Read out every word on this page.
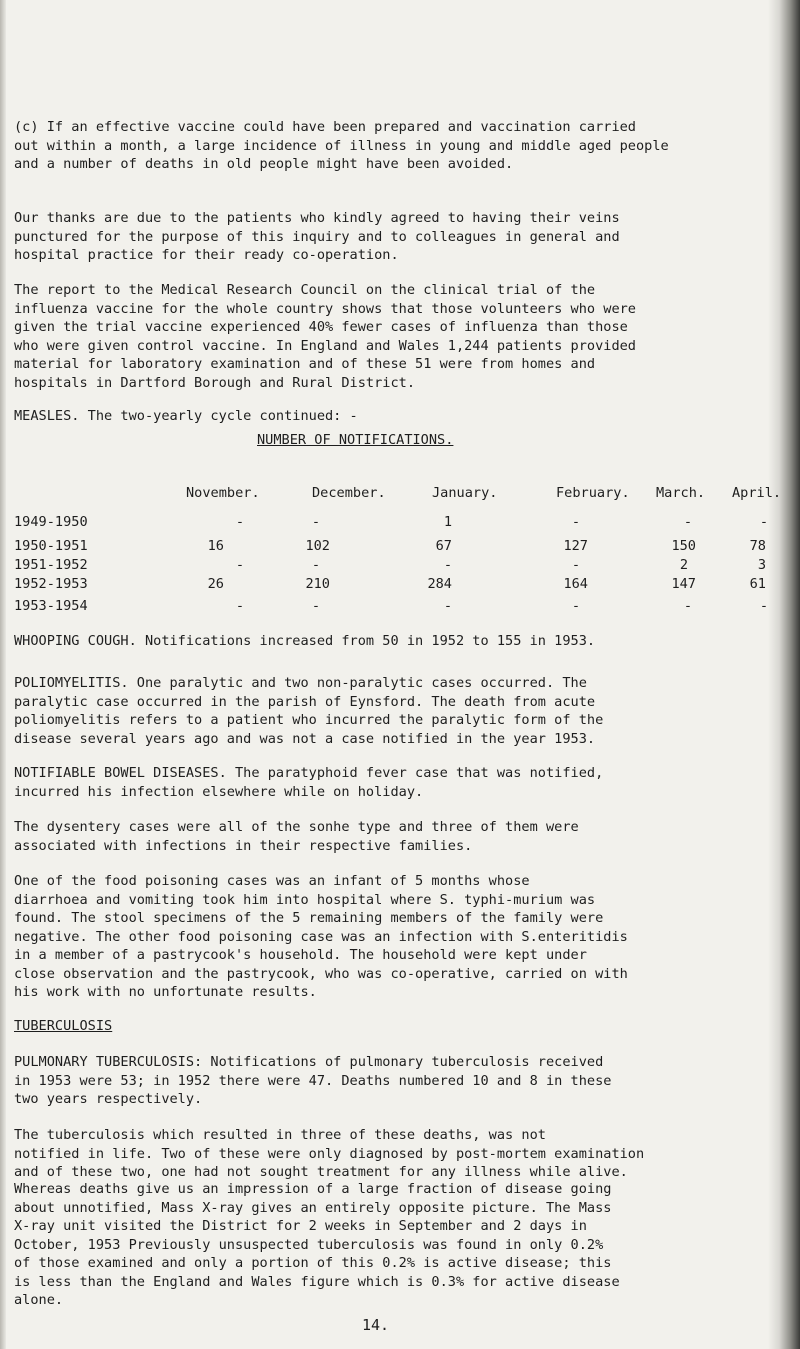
(c) If an effective vaccine could have been prepared and vaccination carried
out within a month, a large incidence of illness in young and middle aged people
and a number of deaths in old people might have been avoided.
Our thanks are due to the patients who kindly agreed to having their veins
punctured for the purpose of this inquiry and to colleagues in general and
hospital practice for their ready co-operation.
The report to the Medical Research Council on the clinical trial of the
influenza vaccine for the whole country shows that those volunteers who were
given the trial vaccine experienced 40% fewer cases of influenza than those
who were given control vaccine. In England and Wales 1,244 patients provided
material for laboratory examination and of these 51 were from homes and
hospitals in Dartford Borough and Rural District.
MEASLES. The two-yearly cycle continued: -
NUMBER OF NOTIFICATIONS.
November.	December.	January.	February. March. April.
1949-1950	-	-	1	-	-	-
1950-1951	16	102	67	127	150	78
1951-1952	-	-	-	-	2	3
1952-1953	26	210	284	164	147	61
1953-1954	-	-	-	-	-	-
WHOOPING COUGH. Notifications increased from 50 in 1952 to 155 in 1953.
POLIOMYELITIS. One paralytic and two non-paralytic cases occurred. The
paralytic case occurred in the parish of Eynsford. The death from acute
poliomyelitis refers to a patient who incurred the paralytic form of the
disease several years ago and was not a case notified in the year 1953.
NOTIFIABLE BOWEL DISEASES. The paratyphoid fever case that was notified,
incurred his infection elsewhere while on holiday.
The dysentery cases were all of the sonhe type and three of them were
associated with infections in their respective families.
One of the food poisoning cases was an infant of 5 months whose
diarrhoea and vomiting took him into hospital where S. typhi-murium was
found. The stool specimens of the 5 remaining members of the family were
negative. The other food poisoning case was an infection with S.enteritidis
in a member of a pastrycook's household. The household were kept under
close observation and the pastrycook, who was co-operative, carried on with
his work with no unfortunate results.
TUBERCULOSIS
PULMONARY TUBERCULOSIS: Notifications of pulmonary tuberculosis received
in 1953 were 53; in 1952 there were 47. Deaths numbered 10 and 8 in these
two years respectively.
The tuberculosis which resulted in three of these deaths, was not
notified in life. Two of these were only diagnosed by post-mortem examination
and of these two, one had not sought treatment for any illness while alive.
Whereas deaths give us an impression of a large fraction of disease going
about unnotified, Mass X-ray gives an entirely opposite picture. The Mass
X-ray unit visited the District for 2 weeks in September and 2 days in
October, 1953 Previously unsuspected tuberculosis was found in only 0.2%
of those examined and only a portion of this 0.2% is active disease; this
is less than the England and Wales figure which is 0.3% for active disease
alone.
14.
